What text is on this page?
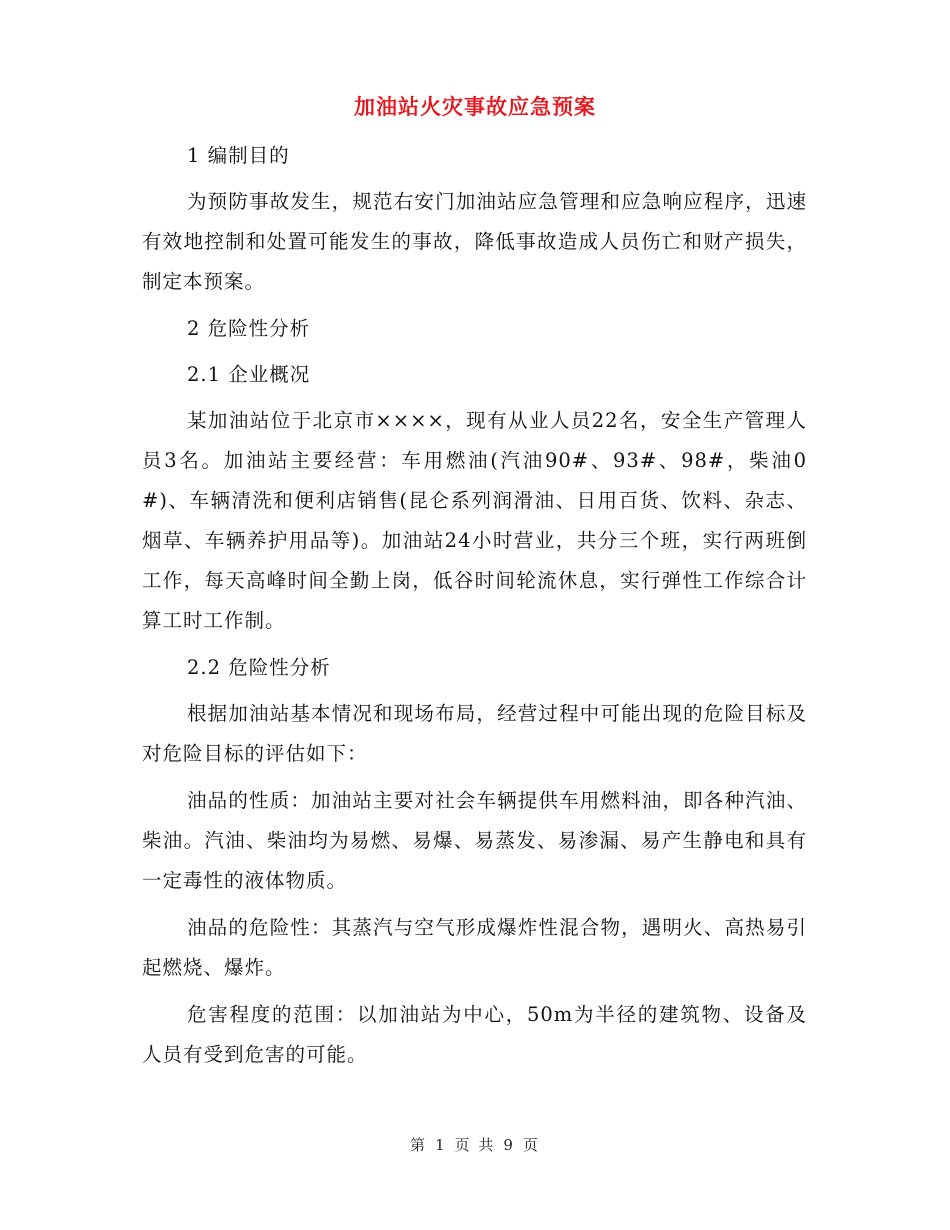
加油站火灾事故应急预案
1 编制目的

为预防事故发生，规范右安门加油站应急管理和应急响应程序，迅速有效地控制和处置可能发生的事故，降低事故造成人员伤亡和财产损失，制定本预案。

2 危险性分析
2.1 企业概况

某加油站位于北京市××××，现有从业人员22名，安全生产管理人员3名。加油站主要经营：车用燃油(汽油90#、93#、98#，柴油0#)、车辆清洗和便利店销售(昆仑系列润滑油、日用百货、饮料、杂志、烟草、车辆养护用品等)。加油站24小时营业，共分三个班，实行两班倒工作，每天高峰时间全勤上岗，低谷时间轮流休息，实行弹性工作综合计算工时工作制。

2.2 危险性分析

根据加油站基本情况和现场布局，经营过程中可能出现的危险目标及对危险目标的评估如下：

油品的性质：加油站主要对社会车辆提供车用燃料油，即各种汽油、柴油。汽油、柴油均为易燃、易爆、易蒸发、易渗漏、易产生静电和具有一定毒性的液体物质。

油品的危险性：其蒸汽与空气形成爆炸性混合物，遇明火、高热易引起燃烧、爆炸。

危害程度的范围：以加油站为中心，50m为半径的建筑物、设备及人员有受到危害的可能。

第 1 页 共 9 页
